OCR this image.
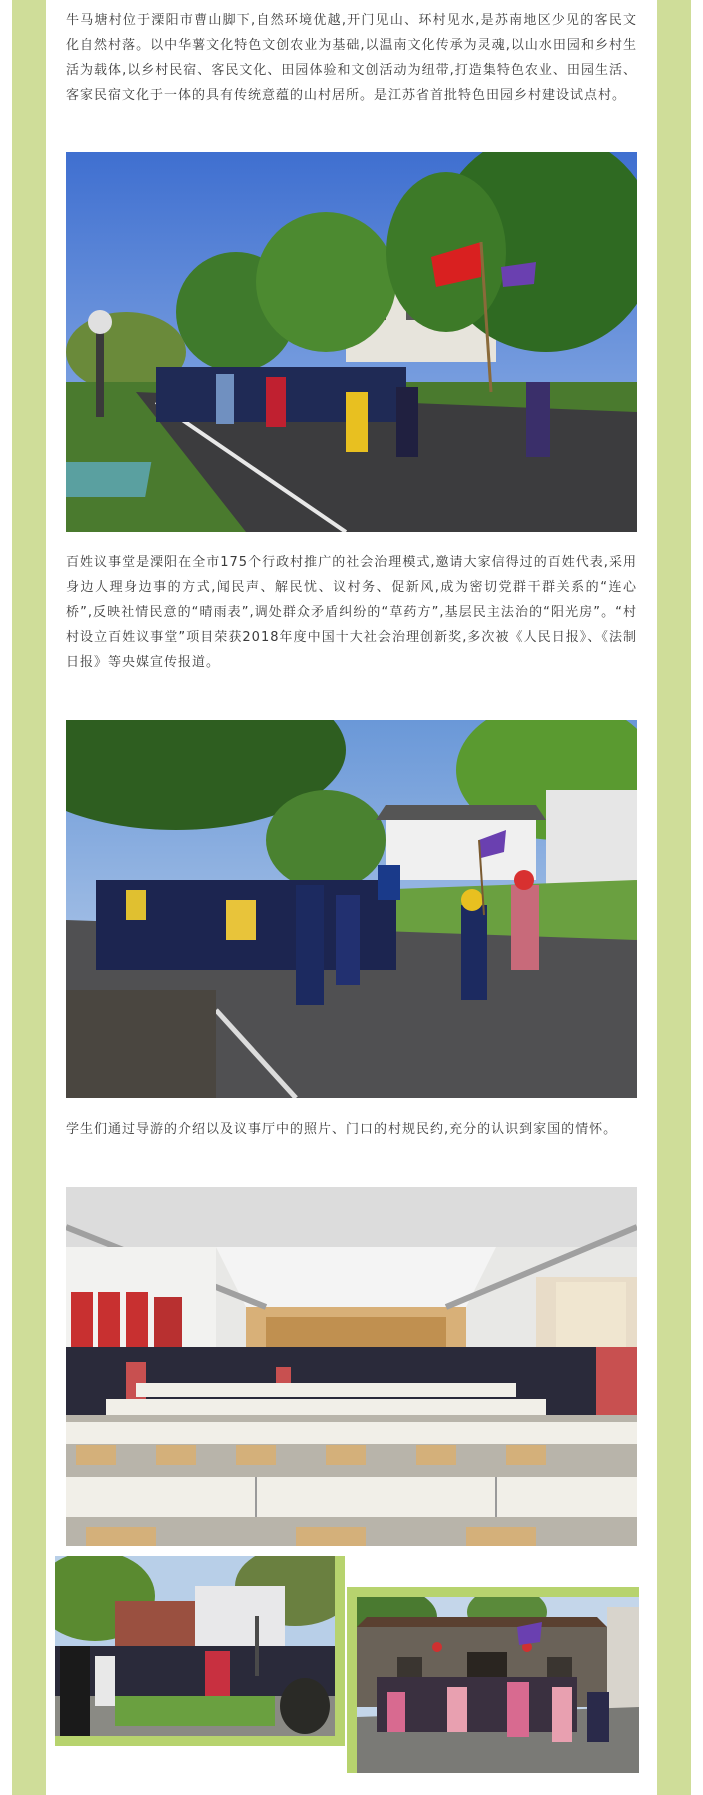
牛马塘村位于溧阳市曹山脚下,自然环境优越,开门见山、环村见水,是苏南地区少见的客民文化自然村落。以中华薯文化特色文创农业为基础,以温南文化传承为灵魂,以山水田园和乡村生活为载体,以乡村民宿、客民文化、田园体验和文创活动为纽带,打造集特色农业、田园生活、客家民宿文化于一体的具有传统意蕴的山村居所。是江苏省首批特色田园乡村建设试点村。

百姓议事堂是溧阳在全市175个行政村推广的社会治理模式,邀请大家信得过的百姓代表,采用身边人理身边事的方式,闻民声、解民忧、议村务、促新风,成为密切党群干群关系的“连心桥”,反映社情民意的“晴雨表”,调处群众矛盾纠纷的“草药方”,基层民主法治的“阳光房”。“村村设立百姓议事堂”项目荣获2018年度中国十大社会治理创新奖,多次被《人民日报》、《法制日报》等央媒宣传报道。

学生们通过导游的介绍以及议事厅中的照片、门口的村规民约,充分的认识到家国的情怀。
